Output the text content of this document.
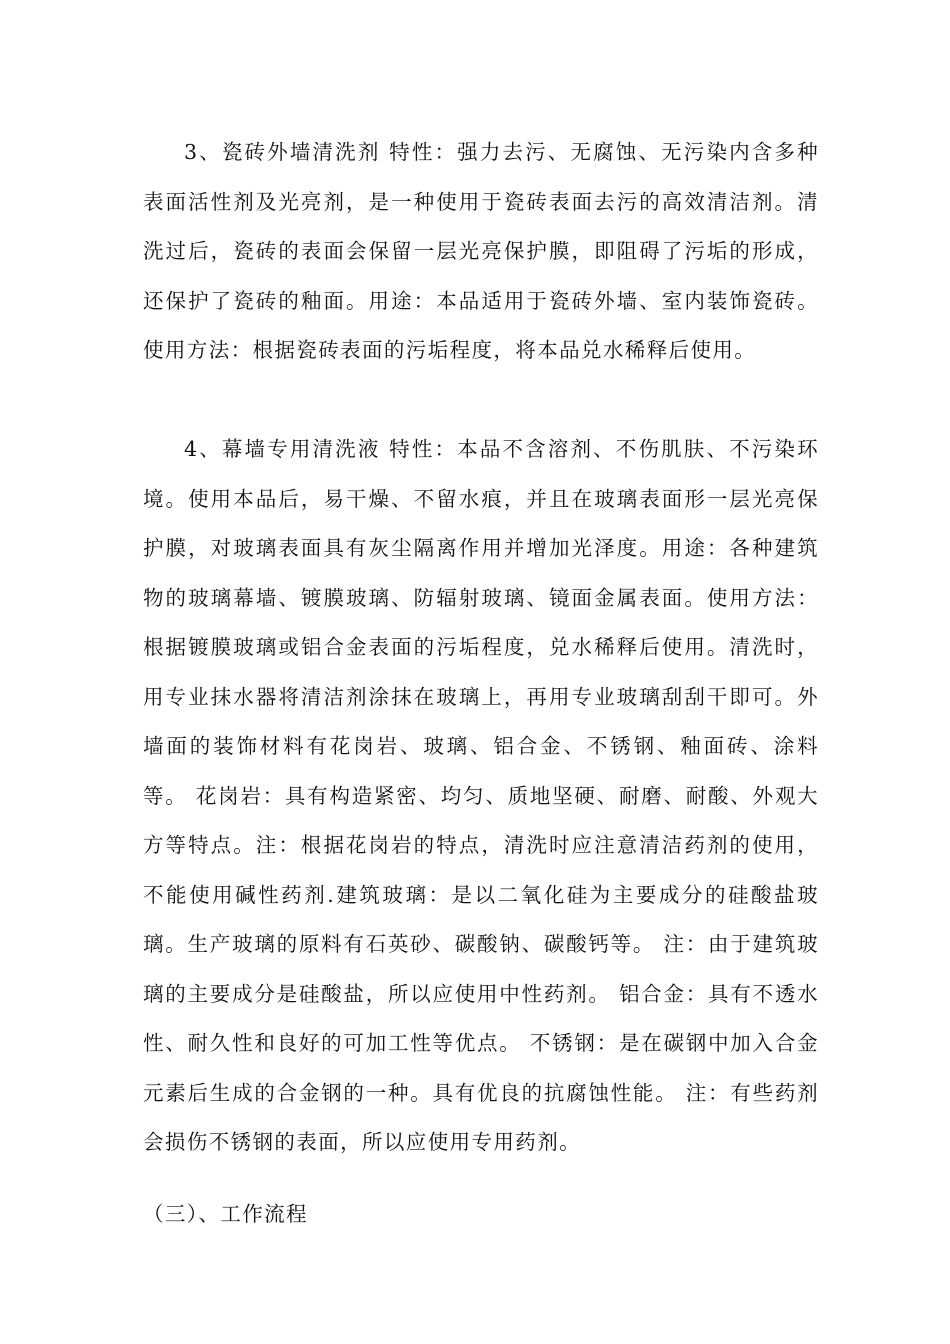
3、瓷砖外墙清洗剂 特性：强力去污、无腐蚀、无污染内含多种表面活性剂及光亮剂，是一种使用于瓷砖表面去污的高效清洁剂。清洗过后，瓷砖的表面会保留一层光亮保护膜，即阻碍了污垢的形成，还保护了瓷砖的釉面。用途：本品适用于瓷砖外墙、室内装饰瓷砖。 使用方法：根据瓷砖表面的污垢程度，将本品兑水稀释后使用。

4、幕墙专用清洗液 特性：本品不含溶剂、不伤肌肤、不污染环境。使用本品后，易干燥、不留水痕，并且在玻璃表面形一层光亮保护膜，对玻璃表面具有灰尘隔离作用并增加光泽度。用途：各种建筑物的玻璃幕墙、镀膜玻璃、防辐射玻璃、镜面金属表面。使用方法：根据镀膜玻璃或铝合金表面的污垢程度，兑水稀释后使用。清洗时，用专业抹水器将清洁剂涂抹在玻璃上，再用专业玻璃刮刮干即可。外墙面的装饰材料有花岗岩、玻璃、铝合金、不锈钢、釉面砖、涂料等。 花岗岩：具有构造紧密、均匀、质地坚硬、耐磨、耐酸、外观大方等特点。注：根据花岗岩的特点，清洗时应注意清洁药剂的使用，不能使用碱性药剂.建筑玻璃：是以二氧化硅为主要成分的硅酸盐玻璃。生产玻璃的原料有石英砂、碳酸钠、碳酸钙等。 注：由于建筑玻璃的主要成分是硅酸盐，所以应使用中性药剂。 铝合金：具有不透水性、耐久性和良好的可加工性等优点。 不锈钢：是在碳钢中加入合金元素后生成的合金钢的一种。具有优良的抗腐蚀性能。 注：有些药剂会损伤不锈钢的表面，所以应使用专用药剂。

（三）、工作流程
